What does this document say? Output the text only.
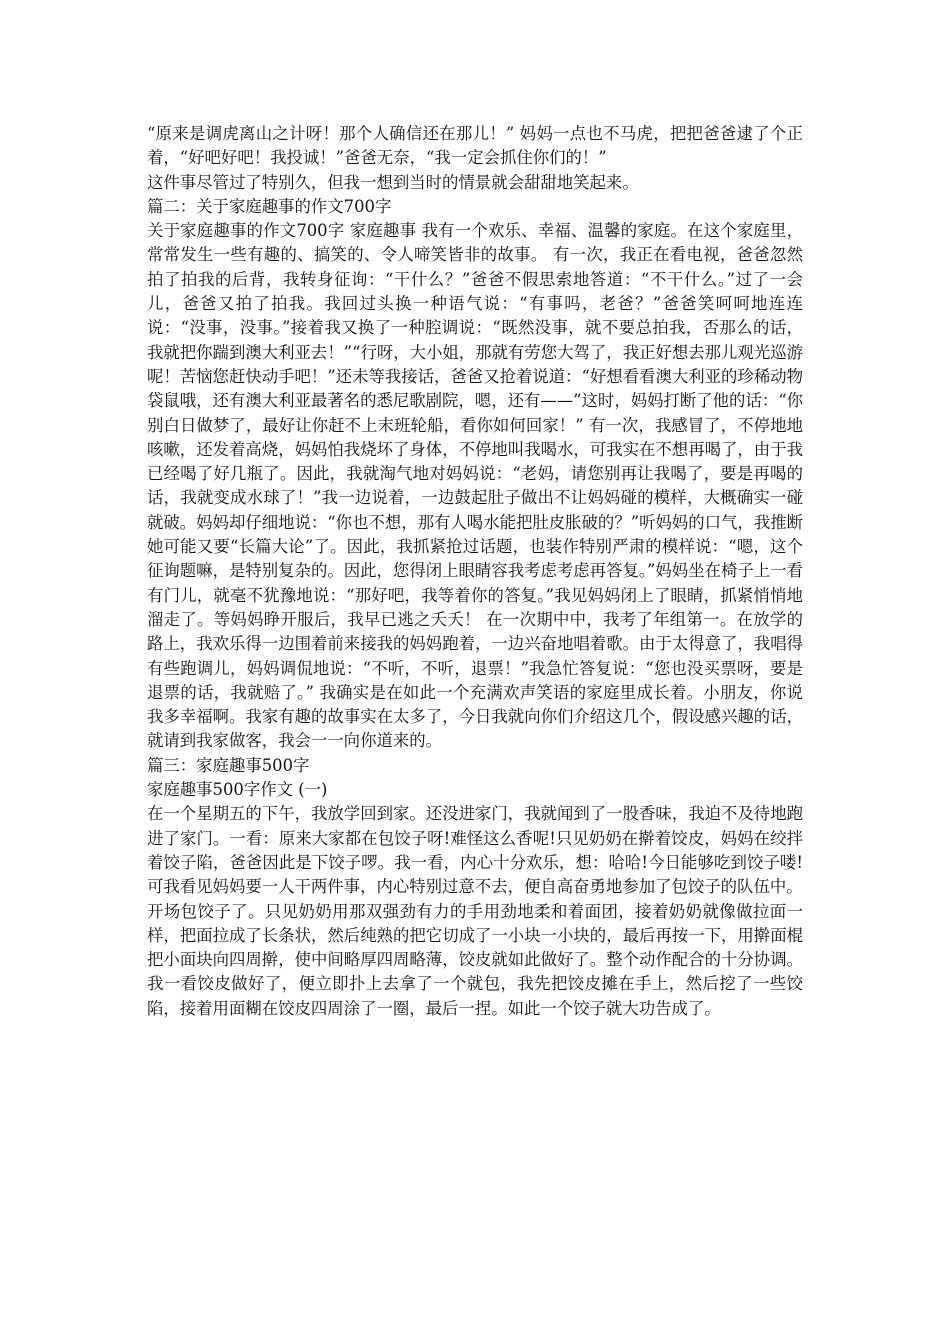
“原来是调虎离山之计呀！那个人确信还在那儿！” 妈妈一点也不马虎，把把爸爸逮了个正着，“好吧好吧！我投诚！”爸爸无奈，“我一定会抓住你们的！”

这件事尽管过了特别久，但我一想到当时的情景就会甜甜地笑起来。

篇二：关于家庭趣事的作文700字

关于家庭趣事的作文700字 家庭趣事 我有一个欢乐、幸福、温馨的家庭。在这个家庭里，常常发生一些有趣的、搞笑的、令人啼笑皆非的故事。 有一次，我正在看电视，爸爸忽然拍了拍我的后背，我转身征询：“干什么？”爸爸不假思索地答道：“不干什么。”过了一会儿，爸爸又拍了拍我。我回过头换一种语气说：“有事吗，老爸？”爸爸笑呵呵地连连说：“没事，没事。”接着我又换了一种腔调说：“既然没事，就不要总拍我，否那么的话，我就把你踹到澳大利亚去！”“行呀，大小姐，那就有劳您大驾了，我正好想去那儿观光巡游呢！苦恼您赶快动手吧！”还未等我接话，爸爸又抢着说道：“好想看看澳大利亚的珍稀动物袋鼠哦，还有澳大利亚最著名的悉尼歌剧院，嗯，还有——”这时，妈妈打断了他的话：“你别白日做梦了，最好让你赶不上末班轮船，看你如何回家！” 有一次，我感冒了，不停地地咳嗽，还发着高烧，妈妈怕我烧坏了身体，不停地叫我喝水，可我实在不想再喝了，由于我已经喝了好几瓶了。因此，我就淘气地对妈妈说：“老妈，请您别再让我喝了，要是再喝的话，我就变成水球了！”我一边说着，一边鼓起肚子做出不让妈妈碰的模样，大概确实一碰就破。妈妈却仔细地说：“你也不想，那有人喝水能把肚皮胀破的？”听妈妈的口气，我推断她可能又要“长篇大论”了。因此，我抓紧抢过话题，也装作特别严肃的模样说：“嗯，这个征询题嘛，是特别复杂的。因此，您得闭上眼睛容我考虑考虑再答复。”妈妈坐在椅子上一看有门儿，就毫不犹豫地说：“那好吧，我等着你的答复。”我见妈妈闭上了眼睛，抓紧悄悄地溜走了。等妈妈睁开服后，我早已逃之夭夭！ 在一次期中中，我考了年组第一。在放学的路上，我欢乐得一边围着前来接我的妈妈跑着，一边兴奋地唱着歌。由于太得意了，我唱得有些跑调儿，妈妈调侃地说：“不听，不听，退票！”我急忙答复说：“您也没买票呀，要是退票的话，我就赔了。” 我确实是在如此一个充满欢声笑语的家庭里成长着。小朋友，你说我多幸福啊。我家有趣的故事实在太多了，今日我就向你们介绍这几个，假设感兴趣的话，就请到我家做客，我会一一向你道来的。

篇三：家庭趣事500字

家庭趣事500字作文 (一)

在一个星期五的下午，我放学回到家。还没进家门，我就闻到了一股香味，我迫不及待地跑进了家门。一看：原来大家都在包饺子呀!难怪这么香呢!只见奶奶在擀着饺皮，妈妈在绞拌着饺子陷，爸爸因此是下饺子啰。我一看，内心十分欢乐，想：哈哈!今日能够吃到饺子喽!可我看见妈妈要一人干两件事，内心特别过意不去，便自高奋勇地参加了包饺子的队伍中。

开场包饺子了。只见奶奶用那双强劲有力的手用劲地柔和着面团，接着奶奶就像做拉面一样，把面拉成了长条状，然后纯熟的把它切成了一小块一小块的，最后再按一下，用擀面棍把小面块向四周擀，使中间略厚四周略薄，饺皮就如此做好了。整个动作配合的十分协调。我一看饺皮做好了，便立即扑上去拿了一个就包，我先把饺皮摊在手上，然后挖了一些饺陷，接着用面糊在饺皮四周涂了一圈，最后一捏。如此一个饺子就大功告成了。
